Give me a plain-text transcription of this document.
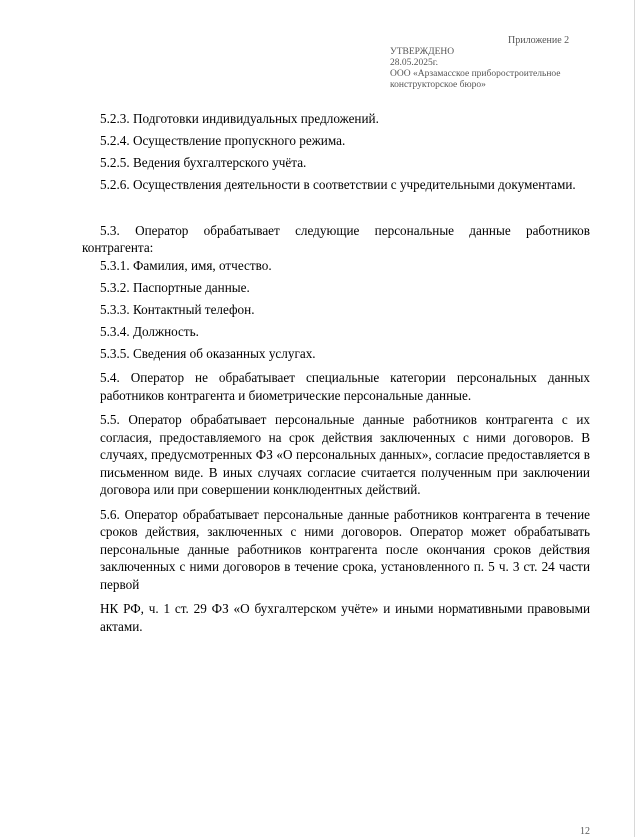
Приложение 2
УТВЕРЖДЕНО
28.05.2025г.
ООО «Арзамасское приборостроительное
конструкторское бюро»

5.2.3. Подготовки индивидуальных предложений.

5.2.4. Осуществление пропускного режима.

5.2.5. Ведения бухгалтерского учёта.

5.2.6. Осуществления деятельности в соответствии с учредительными документами.

5.3. Оператор обрабатывает следующие персональные данные работников контрагента:

5.3.1. Фамилия, имя, отчество.

5.3.2. Паспортные данные.

5.3.3. Контактный телефон.

5.3.4. Должность.

5.3.5. Сведения об оказанных услугах.

5.4. Оператор не обрабатывает специальные категории персональных данных работников контрагента и биометрические персональные данные.

5.5. Оператор обрабатывает персональные данные работников контрагента с их согласия, предоставляемого на срок действия заключенных с ними договоров. В случаях, предусмотренных ФЗ «О персональных данных», согласие предоставляется в письменном виде. В иных случаях согласие считается полученным при заключении договора или при совершении конклюдентных действий.

5.6. Оператор обрабатывает персональные данные работников контрагента в течение сроков действия, заключенных с ними договоров. Оператор может обрабатывать персональные данные работников контрагента после окончания сроков действия заключенных с ними договоров в течение срока, установленного п. 5 ч. 3 ст. 24 части первой

НК РФ, ч. 1 ст. 29 ФЗ «О бухгалтерском учёте» и иными нормативными правовыми актами.

12
